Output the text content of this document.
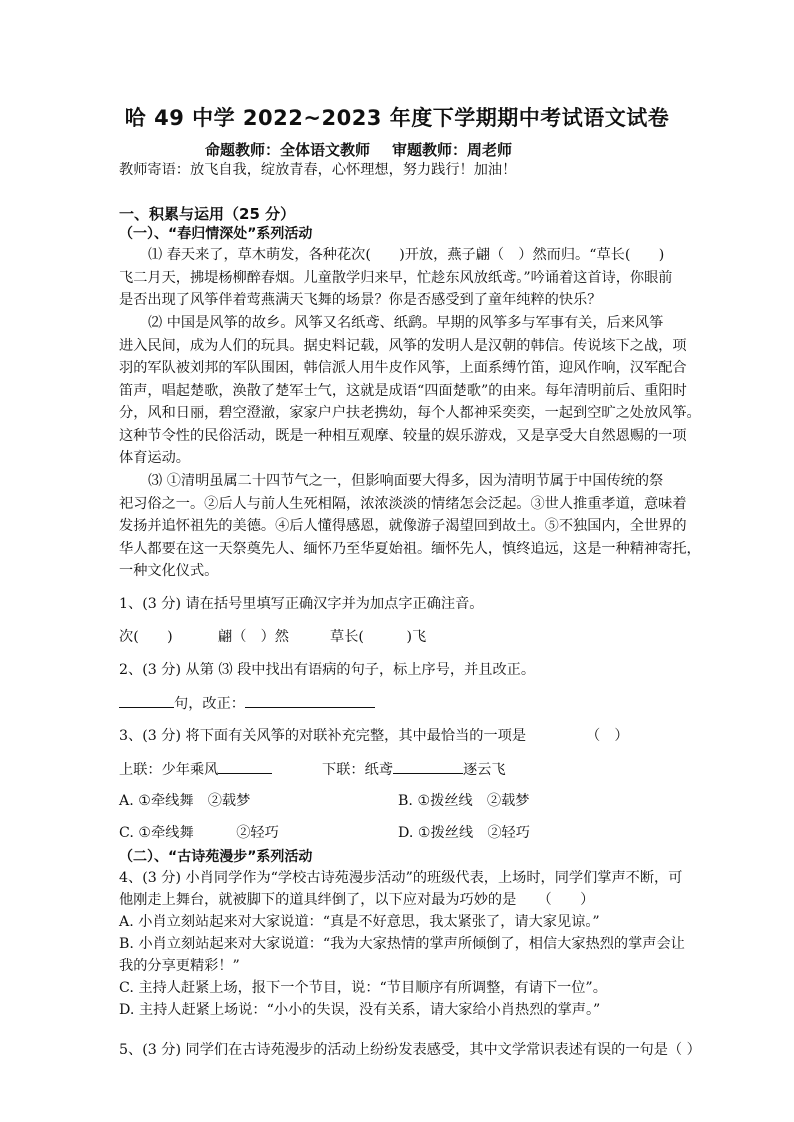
哈 49 中学 2022~2023 年度下学期期中考试语文试卷
命题教师：全体语文教师 审题教师：周老师
教师寄语：放飞自我，绽放青春，心怀理想，努力践行！加油！
一、积累与运用（25 分）
（一）、“春归情深处”系列活动
⑴ 春天来了，草木萌发，各种花次(　　)开放，燕子翩（　）然而归。“草长(　　)
飞二月天，拂堤杨柳醉春烟。儿童散学归来早，忙趁东风放纸鸢。”吟诵着这首诗，你眼前
是否出现了风筝伴着莺燕满天飞舞的场景？你是否感受到了童年纯粹的快乐？
⑵ 中国是风筝的故乡。风筝又名纸鸢、纸鹞。早期的风筝多与军事有关，后来风筝
进入民间，成为人们的玩具。据史料记载，风筝的发明人是汉朝的韩信。传说垓下之战，项
羽的军队被刘邦的军队围困，韩信派人用牛皮作风筝，上面系缚竹笛，迎风作响，汉军配合
笛声，唱起楚歌，涣散了楚军士气，这就是成语“四面楚歌”的由来。每年清明前后、重阳时
分，风和日丽，碧空澄澈，家家户户扶老携幼，每个人都神采奕奕，一起到空旷之处放风筝。
这种节令性的民俗活动，既是一种相互观摩、较量的娱乐游戏，又是享受大自然恩赐的一项
体育运动。
⑶ ①清明虽属二十四节气之一，但影响面要大得多，因为清明节属于中国传统的祭
祀习俗之一。②后人与前人生死相隔，浓浓淡淡的情绪怎会泛起。③世人推重孝道，意味着
发扬并追怀祖先的美德。④后人懂得感恩，就像游子渴望回到故土。⑤不独国内，全世界的
华人都要在这一天祭奠先人、缅怀乃至华夏始祖。缅怀先人，慎终追远，这是一种精神寄托，
一种文化仪式。
1、(3 分) 请在括号里填写正确汉字并为加点字正确注音。
次(　　)	翩（　）然	草长(　　　)飞
2、(3 分) 从第 ⑶ 段中找出有语病的句子，标上序号，并且改正。
句，改正：
3、(3 分) 将下面有关风筝的对联补充完整，其中最恰当的一项是	（　）
上联：少年乘风	下联：纸鸢	逐云飞
A. ①牵线舞　②载梦	B. ①拨丝线　②载梦
C. ①牵线舞　　　②轻巧	D. ①拨丝线　②轻巧
（二）、“古诗苑漫步”系列活动
4、(3 分) 小肖同学作为“学校古诗苑漫步活动”的班级代表，上场时，同学们掌声不断，可
他刚走上舞台，就被脚下的道具绊倒了，以下应对最为巧妙的是　　（　　）
A. 小肖立刻站起来对大家说道：“真是不好意思，我太紧张了，请大家见谅。”
B. 小肖立刻站起来对大家说道：“我为大家热情的掌声所倾倒了，相信大家热烈的掌声会让
我的分享更精彩！”
C. 主持人赶紧上场，报下一个节目，说：“节目顺序有所调整，有请下一位”。
D. 主持人赶紧上场说：“小小的失误，没有关系，请大家给小肖热烈的掌声。”
5、(3 分) 同学们在古诗苑漫步的活动上纷纷发表感受，其中文学常识表述有误的一句是（ ）
